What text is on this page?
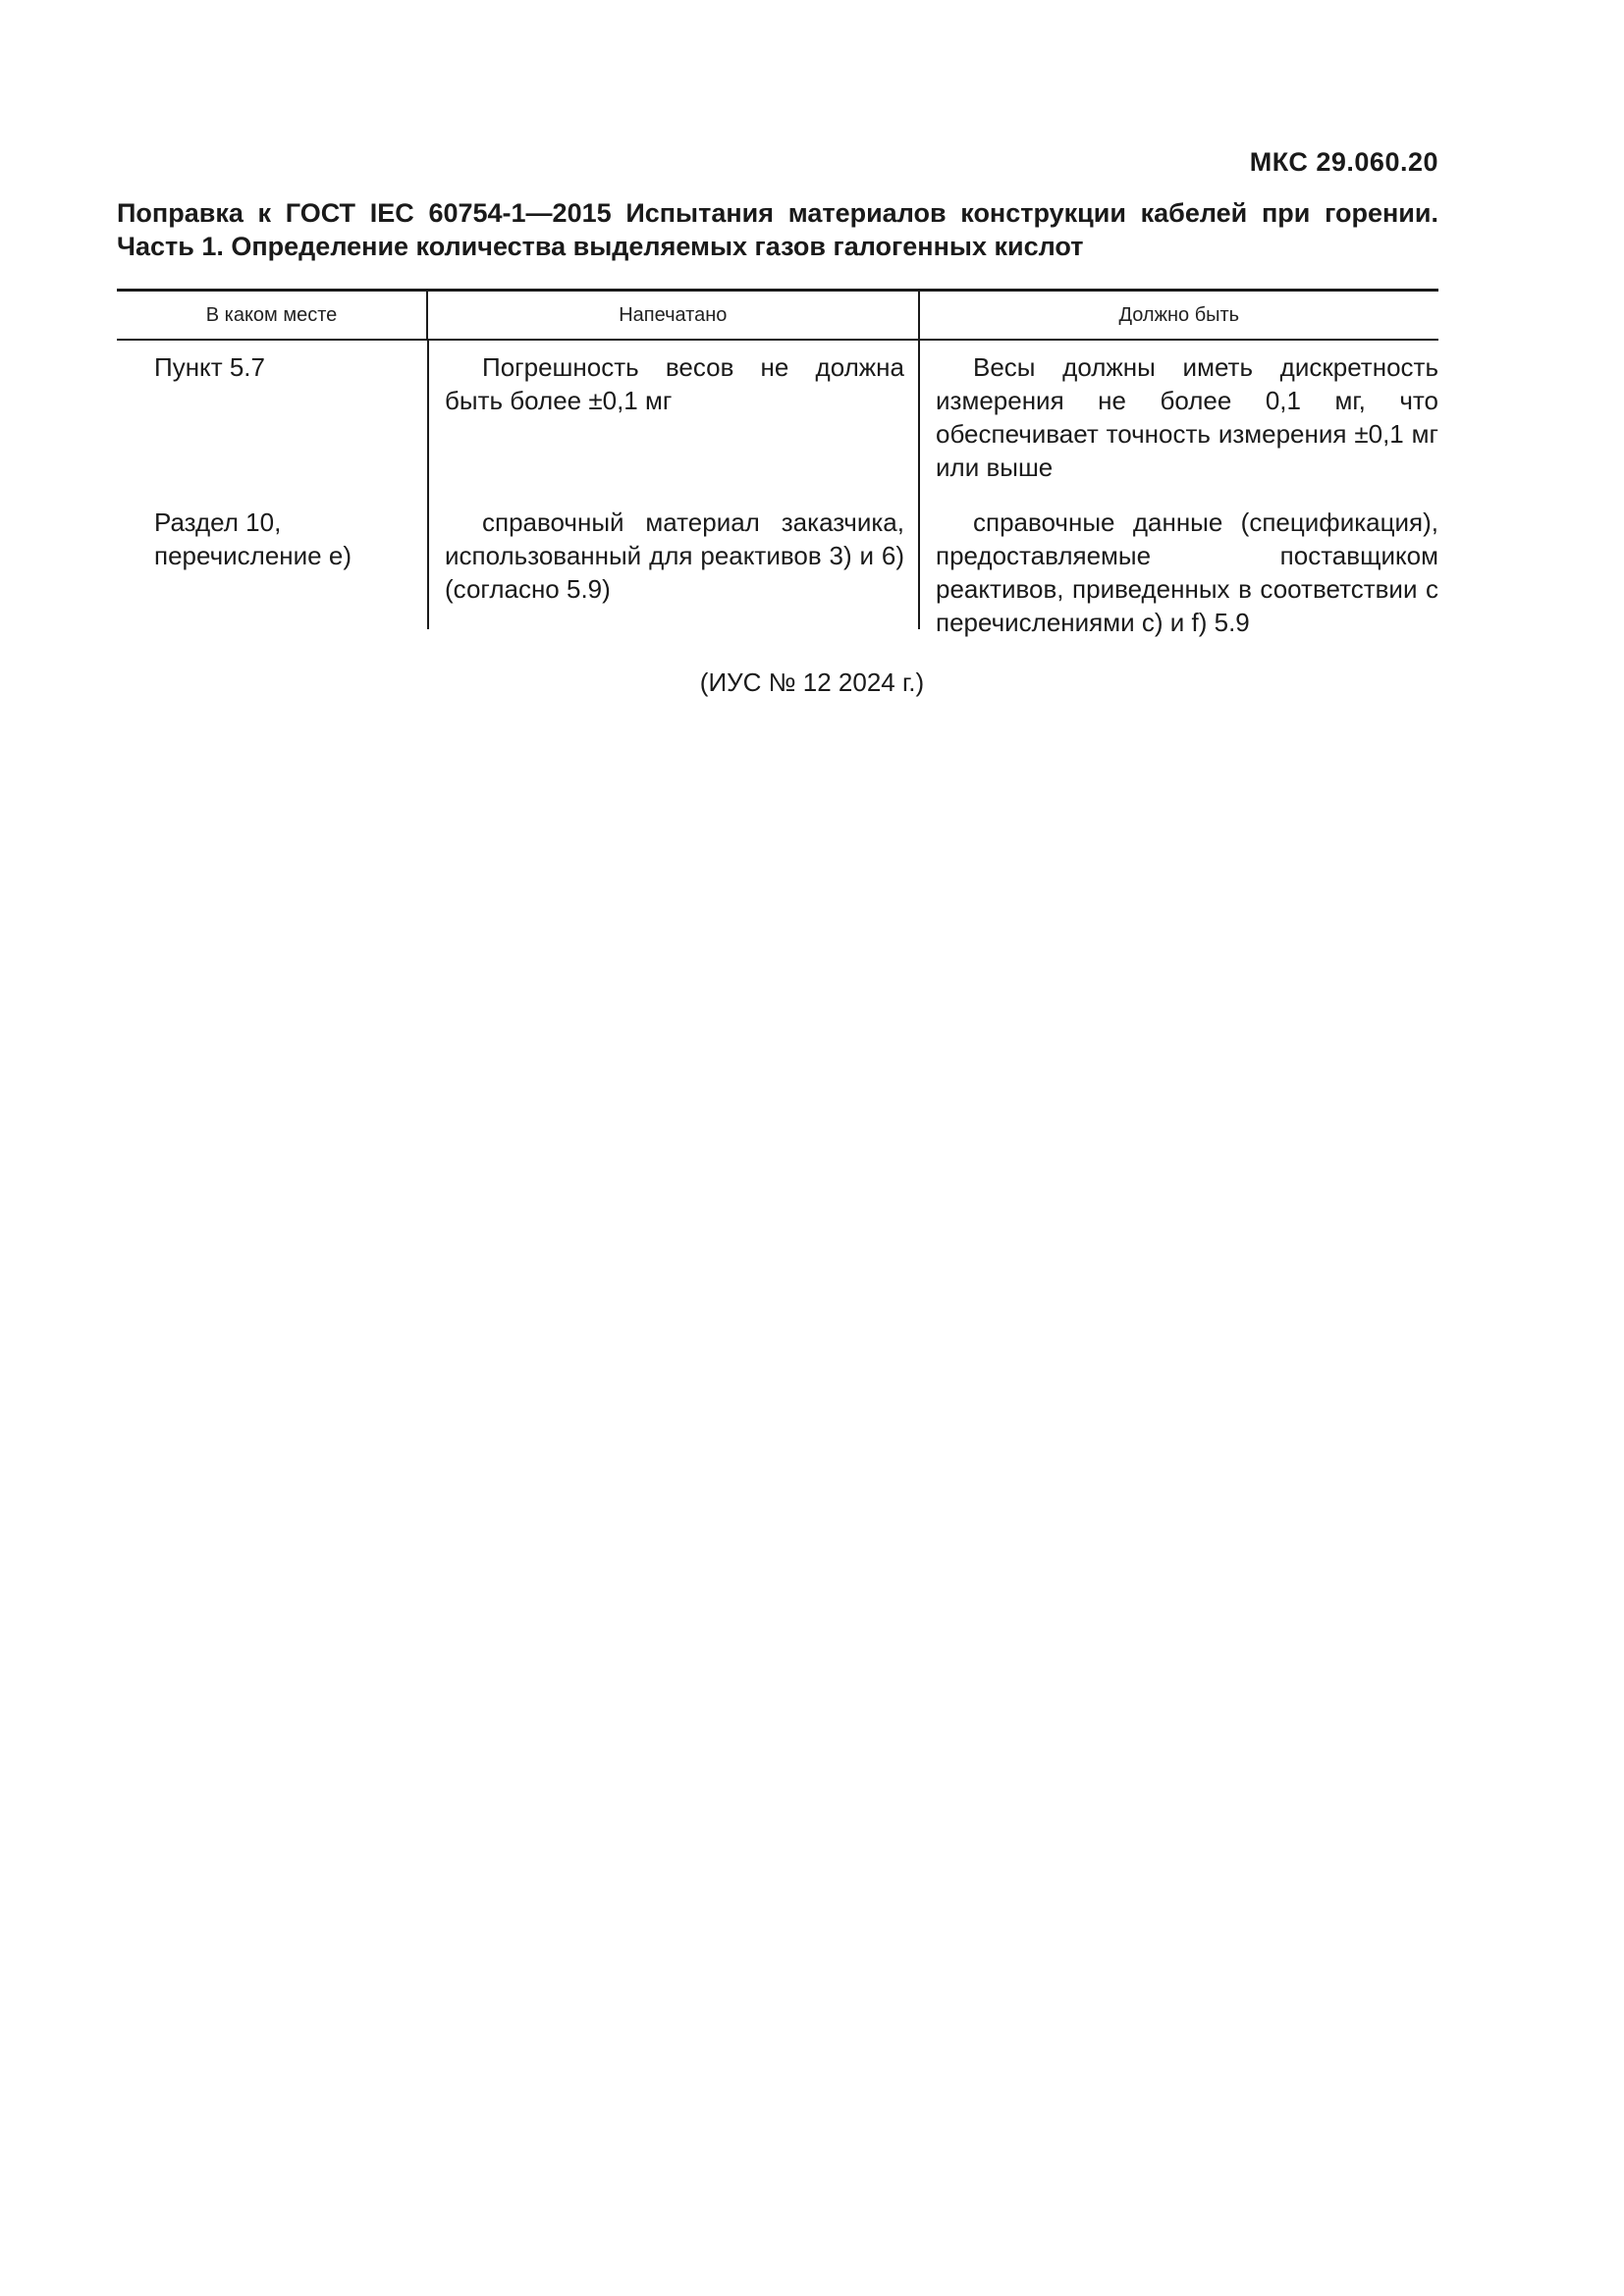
МКС 29.060.20
Поправка к ГОСТ IEC 60754-1—2015 Испытания материалов конструкции кабелей при горении.
Часть 1. Определение количества выделяемых газов галогенных кислот
В каком месте	Напечатано	Должно быть
Пункт 5.7
Раздел 10, перечисление е)
Погрешность весов не должна быть более ±0,1 мг
справочный материал заказчика, использованный для реактивов 3) и 6) (согласно 5.9)
Весы должны иметь дискретность измерения не более 0,1 мг, что обеспечивает точность измерения ±0,1 мг или выше
справочные данные (спецификация), предоставляемые поставщиком реактивов, приведенных в соответствии с перечислениями с) и f) 5.9
(ИУС № 12 2024 г.)
